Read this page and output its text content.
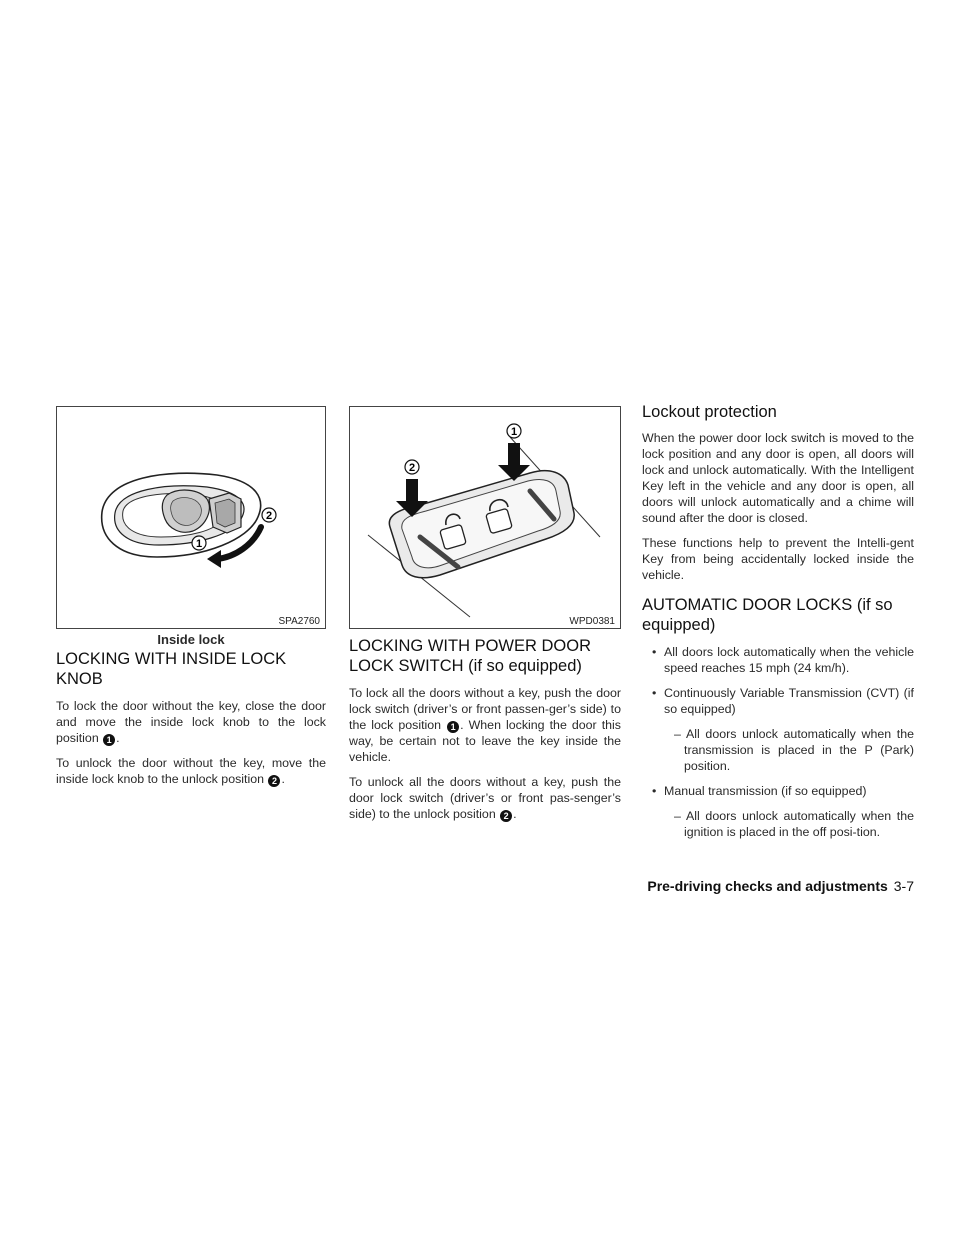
2
1
SPA2760
Inside lock
LOCKING WITH INSIDE LOCK KNOB

To lock the door without the key, close the door and move the inside lock knob to the lock position 1 .

To unlock the door without the key, move the inside lock knob to the unlock position 2 .

2
1
WPD0381
LOCKING WITH POWER DOOR
LOCK SWITCH (if so equipped)

To lock all the doors without a key, push the door lock switch (driver’s or front passen-ger’s side) to the lock position 1 . When locking the door this way, be certain not to leave the key inside the vehicle.

To unlock all the doors without a key, push the door lock switch (driver’s or front pas-senger’s side) to the unlock position 2 .

Lockout protection

When the power door lock switch is moved to the lock position and any door is open, all doors will lock and unlock automatically. With the Intelligent Key left in the vehicle and any door is open, all doors will unlock automatically and a chime will sound after the door is closed.

These functions help to prevent the Intelli-gent Key from being accidentally locked inside the vehicle.

AUTOMATIC DOOR LOCKS (if so
equipped)
• All doors lock automatically when the vehicle speed reaches 15 mph (24 km/h).
• Continuously Variable Transmission (CVT) (if so equipped)
– All doors unlock automatically when the transmission is placed in the P (Park) position.
• Manual transmission (if so equipped)
– All doors unlock automatically when the ignition is placed in the off posi-tion.
Pre-driving checks and adjustments 3-7
